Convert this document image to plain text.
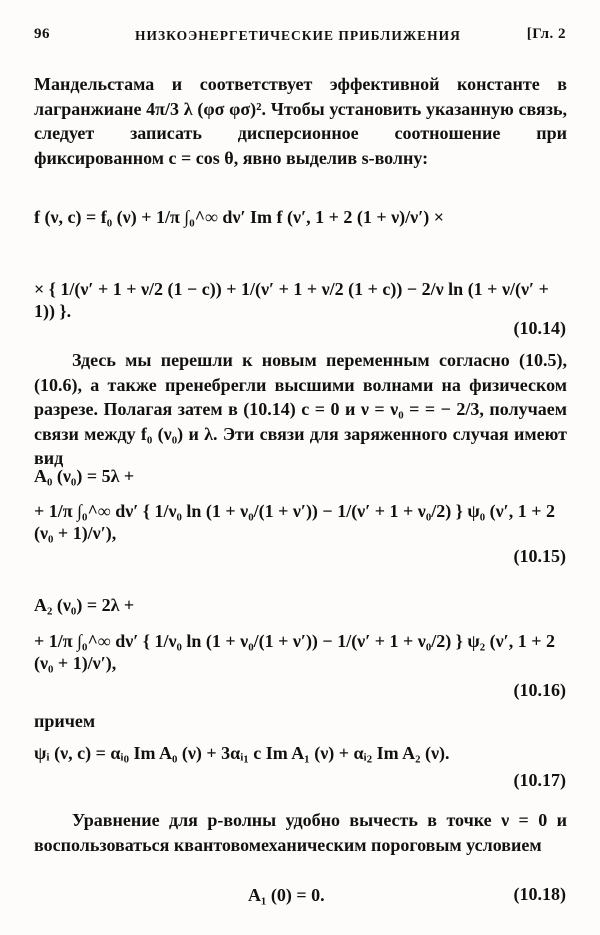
96	НИЗКОЭНЕРГЕТИЧЕСКИЕ ПРИБЛИЖЕНИЯ	[Гл. 2
Мандельстама и соответствует эффективной константе в лагранжиане 4π/3 λ (φσ φσ)². Чтобы установить указанную связь, следует записать дисперсионное соотношение при фиксированном c = cos θ, явно выделив s-волну:
f (ν, c) = f₀ (ν) + 1/π ∫₀^∞ dν′ Im f (ν′, 1 + 2 (1 + ν)/ν′) ×
× { 1/(ν′ + 1 + ν/2 (1 − c)) + 1/(ν′ + 1 + ν/2 (1 + c)) − 2/ν ln (1 + ν/(ν′ + 1)) }.
(10.14)
Здесь мы перешли к новым переменным согласно (10.5), (10.6), а также пренебрегли высшими волнами на физическом разрезе. Полагая затем в (10.14) c = 0 и ν = ν₀ = = − 2/3, получаем связи между f₀ (ν₀) и λ. Эти связи для заряженного случая имеют вид
A₀ (ν₀) = 5λ +
+ 1/π ∫₀^∞ dν′ { 1/ν₀ ln (1 + ν₀/(1 + ν′)) − 1/(ν′ + 1 + ν₀/2) } ψ₀ (ν′, 1 + 2 (ν₀ + 1)/ν′),
(10.15)
A₂ (ν₀) = 2λ +
+ 1/π ∫₀^∞ dν′ { 1/ν₀ ln (1 + ν₀/(1 + ν′)) − 1/(ν′ + 1 + ν₀/2) } ψ₂ (ν′, 1 + 2 (ν₀ + 1)/ν′),
(10.16)
причем
ψᵢ (ν, c) = αᵢ₀ Im A₀ (ν) + 3αᵢ₁ c Im A₁ (ν) + αᵢ₂ Im A₂ (ν).
(10.17)
Уравнение для p-волны удобно вычесть в точке ν = 0 и воспользоваться квантовомеханическим пороговым условием
A₁ (0) = 0.	(10.18)
